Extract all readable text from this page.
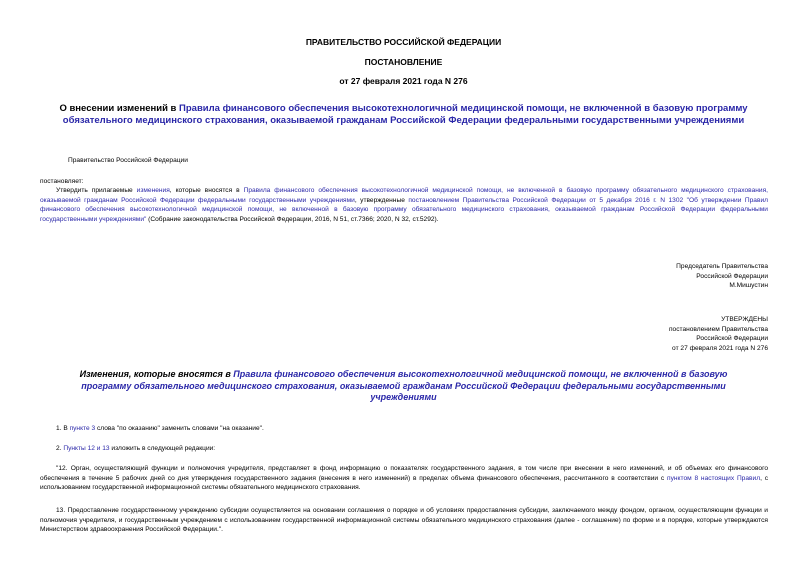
ПРАВИТЕЛЬСТВО РОССИЙСКОЙ ФЕДЕРАЦИИ
ПОСТАНОВЛЕНИЕ
от 27 февраля 2021 года N 276
О внесении изменений в Правила финансового обеспечения высокотехнологичной медицинской помощи, не включенной в базовую программу обязательного медицинского страхования, оказываемой гражданам Российской Федерации федеральными государственными учреждениями
Правительство Российской Федерации
постановляет:
Утвердить прилагаемые изменения, которые вносятся в Правила финансового обеспечения высокотехнологичной медицинской помощи, не включенной в базовую программу обязательного медицинского страхования, оказываемой гражданам Российской Федерации федеральными государственными учреждениями, утвержденные постановлением Правительства Российской Федерации от 5 декабря 2016 г. N 1302 "Об утверждении Правил финансового обеспечения высокотехнологичной медицинской помощи, не включенной в базовую программу обязательного медицинского страхования, оказываемой гражданам Российской Федерации федеральными государственными учреждениями" (Собрание законодательства Российской Федерации, 2016, N 51, ст.7366; 2020, N 32, ст.5292).
Председатель Правительства
Российской Федерации
М.Мишустин
УТВЕРЖДЕНЫ
постановлением Правительства
Российской Федерации
от 27 февраля 2021 года N 276
Изменения, которые вносятся в Правила финансового обеспечения высокотехнологичной медицинской помощи, не включенной в базовую программу обязательного медицинского страхования, оказываемой гражданам Российской Федерации федеральными государственными учреждениями
1. В пункте 3 слова "по оказанию" заменить словами "на оказание".
2. Пункты 12 и 13 изложить в следующей редакции:
"12. Орган, осуществляющий функции и полномочия учредителя, представляет в фонд информацию о показателях государственного задания, в том числе при внесении в него изменений, и об объемах его финансового обеспечения в течение 5 рабочих дней со дня утверждения государственного задания (внесения в него изменений) в пределах объема финансового обеспечения, рассчитанного в соответствии с пунктом 8 настоящих Правил, с использованием государственной информационной системы обязательного медицинского страхования.
13. Предоставление государственному учреждению субсидии осуществляется на основании соглашения о порядке и об условиях предоставления субсидии, заключаемого между фондом, органом, осуществляющим функции и полномочия учредителя, и государственным учреждением с использованием государственной информационной системы обязательного медицинского страхования (далее - соглашение) по форме и в порядке, которые утверждаются Министерством здравоохранения Российской Федерации.".
